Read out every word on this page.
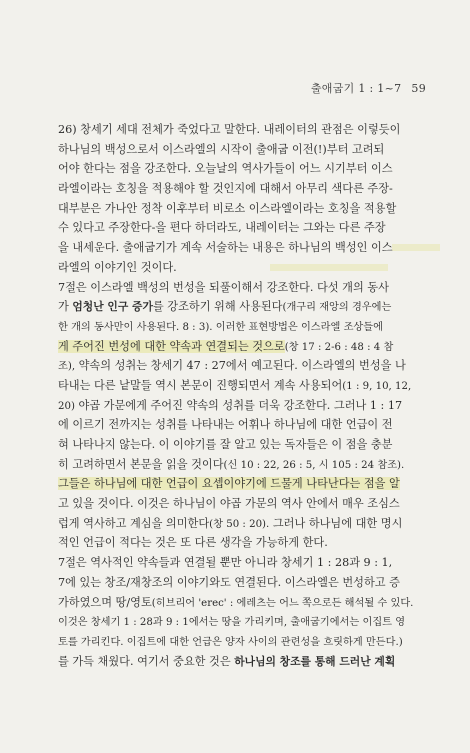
출애굽기 1 : 1~7 59
26) 창세기 세대 전체가 죽었다고 말한다. 내레이터의 관점은 이렇듯이
하나님의 백성으로서 이스라엘의 시작이 출애굽 이전(!)부터 고려되
어야 한다는 점을 강조한다. 오늘날의 역사가들이 어느 시기부터 이스
라엘이라는 호칭을 적용해야 할 것인지에 대해서 아무리 색다른 주장-
대부분은 가나안 정착 이후부터 비로소 이스라엘이라는 호칭을 적용할
수 있다고 주장한다-을 편다 하더라도, 내레이터는 그와는 다른 주장
을 내세운다. 출애굽기가 계속 서술하는 내용은 하나님의 백성인 이스
라엘의 이야기인 것이다.
7절은 이스라엘 백성의 번성을 되풀이해서 강조한다. 다섯 개의 동사
가 엄청난 인구 증가를 강조하기 위해 사용된다(개구리 재앙의 경우에는
한 개의 동사만이 사용된다. 8 : 3). 이러한 표현방법은 이스라엘 조상들에
게 주어진 번성에 대한 약속과 연결되는 것으로(창 17 : 2-6 : 48 : 4 참
조), 약속의 성취는 창세기 47 : 27에서 예고된다. 이스라엘의 번성을 나
타내는 다른 낱말들 역시 본문이 진행되면서 계속 사용되어(1 : 9, 10, 12,
20) 야곱 가문에게 주어진 약속의 성취를 더욱 강조한다. 그러나 1 : 17
에 이르기 전까지는 성취를 나타내는 어휘나 하나님에 대한 언급이 전
혀 나타나지 않는다. 이 이야기를 잘 알고 있는 독자들은 이 점을 충분
히 고려하면서 본문을 읽을 것이다(신 10 : 22, 26 : 5, 시 105 : 24 참조).
그들은 하나님에 대한 언급이 요셉이야기에 드물게 나타난다는 점을 알
고 있을 것이다. 이것은 하나님이 야곱 가문의 역사 안에서 매우 조심스
럽게 역사하고 계심을 의미한다(창 50 : 20). 그러나 하나님에 대한 명시
적인 언급이 적다는 것은 또 다른 생각을 가능하게 한다.
7절은 역사적인 약속들과 연결될 뿐만 아니라 창세기 1 : 28과 9 : 1,
7에 있는 창조/재창조의 이야기와도 연결된다. 이스라엘은 번성하고 증
가하였으며 땅/영토(히브리어 'erec' : 에레츠는 어느 쪽으로든 해석될 수 있다.
이것은 창세기 1 : 28과 9 : 1에서는 땅을 가리키며, 출애굽기에서는 이집트 영
토를 가리킨다. 이집트에 대한 언급은 양자 사이의 관련성을 흐릿하게 만든다.)
를 가득 채웠다. 여기서 중요한 것은 하나님의 창조를 통해 드러난 계획
